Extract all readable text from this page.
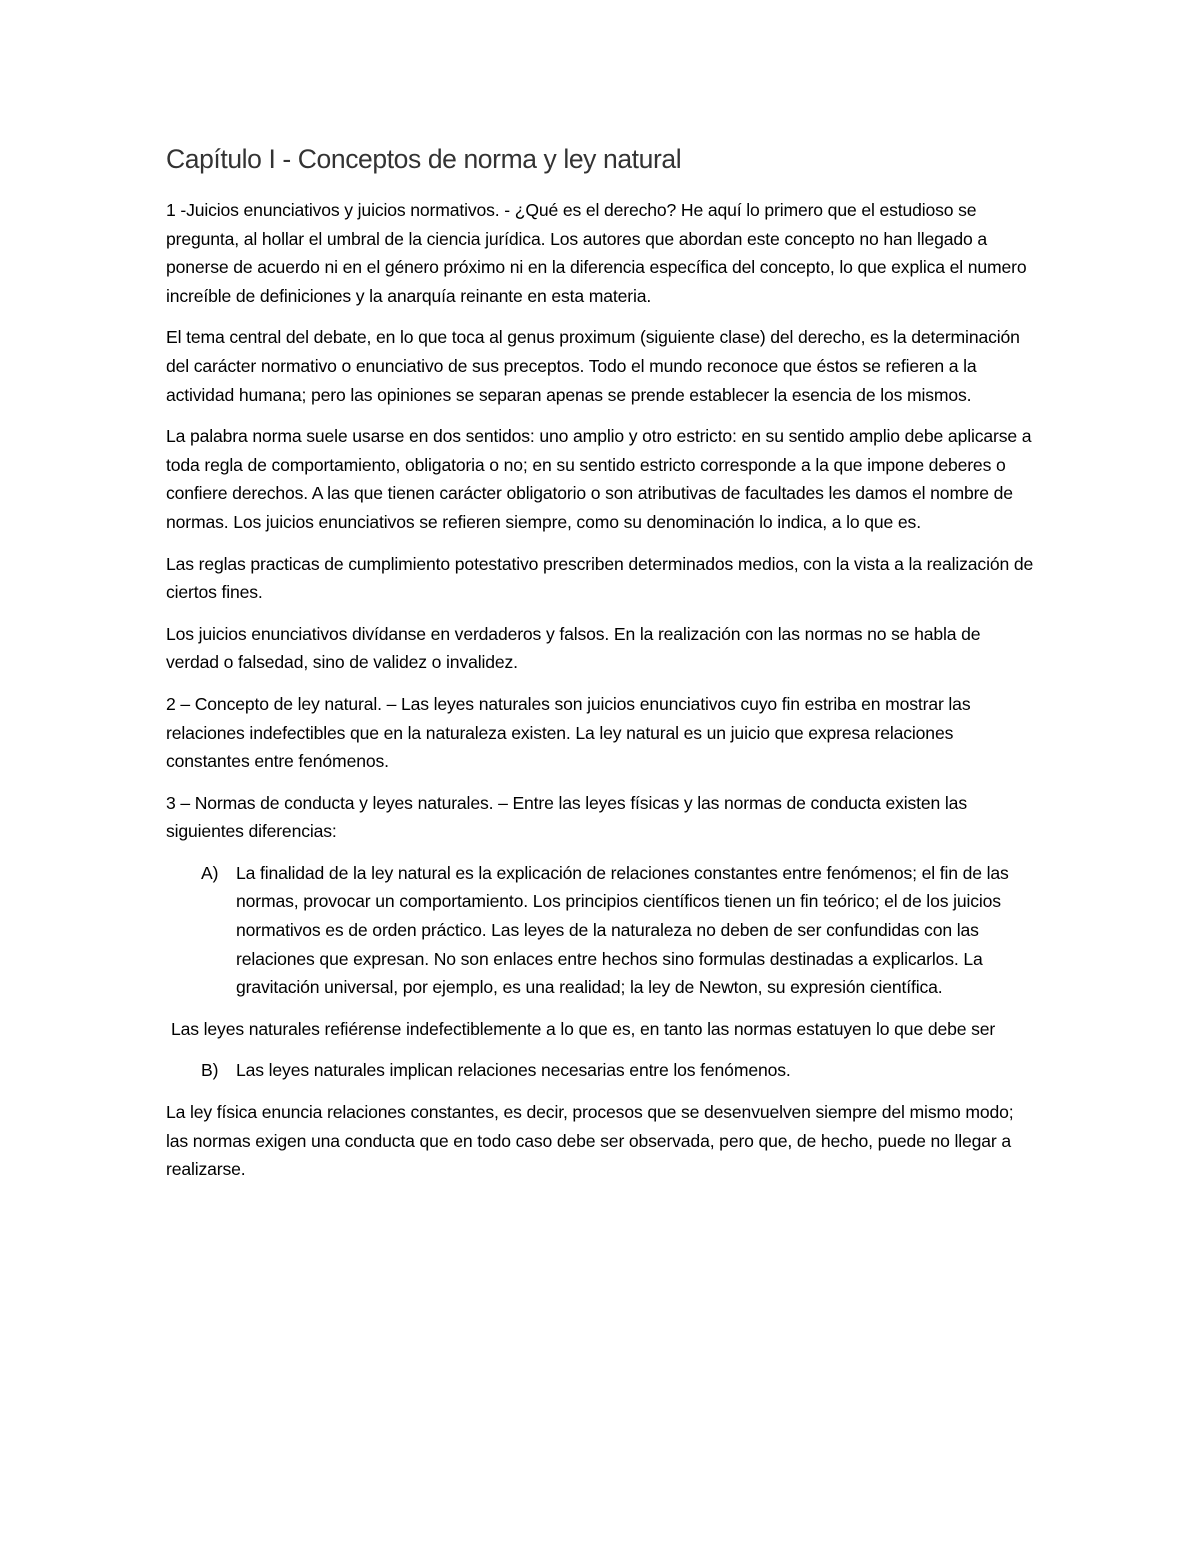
Capítulo I - Conceptos de norma y ley natural

1 -Juicios enunciativos y juicios normativos. - ¿Qué es el derecho? He aquí lo primero que el estudioso se pregunta, al hollar el umbral de la ciencia jurídica. Los autores que abordan este concepto no han llegado a ponerse de acuerdo ni en el género próximo ni en la diferencia específica del concepto, lo que explica el numero increíble de definiciones y la anarquía reinante en esta materia.

El tema central del debate, en lo que toca al genus proximum (siguiente clase) del derecho, es la determinación del carácter normativo o enunciativo de sus preceptos. Todo el mundo reconoce que éstos se refieren a la actividad humana; pero las opiniones se separan apenas se prende establecer la esencia de los mismos.

La palabra norma suele usarse en dos sentidos: uno amplio y otro estricto: en su sentido amplio debe aplicarse a toda regla de comportamiento, obligatoria o no; en su sentido estricto corresponde a la que impone deberes o confiere derechos. A las que tienen carácter obligatorio o son atributivas de facultades les damos el nombre de normas. Los juicios enunciativos se refieren siempre, como su denominación lo indica, a lo que es.

Las reglas practicas de cumplimiento potestativo prescriben determinados medios, con la vista a la realización de ciertos fines.

Los juicios enunciativos divídanse en verdaderos y falsos. En la realización con las normas no se habla de verdad o falsedad, sino de validez o invalidez.

2 – Concepto de ley natural. – Las leyes naturales son juicios enunciativos cuyo fin estriba en mostrar las relaciones indefectibles que en la naturaleza existen. La ley natural es un juicio que expresa relaciones constantes entre fenómenos.

3 – Normas de conducta y leyes naturales. – Entre las leyes físicas y las normas de conducta existen las siguientes diferencias:

A) La finalidad de la ley natural es la explicación de relaciones constantes entre fenómenos; el fin de las normas, provocar un comportamiento. Los principios científicos tienen un fin teórico; el de los juicios normativos es de orden práctico. Las leyes de la naturaleza no deben de ser confundidas con las relaciones que expresan. No son enlaces entre hechos sino formulas destinadas a explicarlos. La gravitación universal, por ejemplo, es una realidad; la ley de Newton, su expresión científica.

Las leyes naturales refiérense indefectiblemente a lo que es, en tanto las normas estatuyen lo que debe ser

B) Las leyes naturales implican relaciones necesarias entre los fenómenos.

La ley física enuncia relaciones constantes, es decir, procesos que se desenvuelven siempre del mismo modo; las normas exigen una conducta que en todo caso debe ser observada, pero que, de hecho, puede no llegar a realizarse.
